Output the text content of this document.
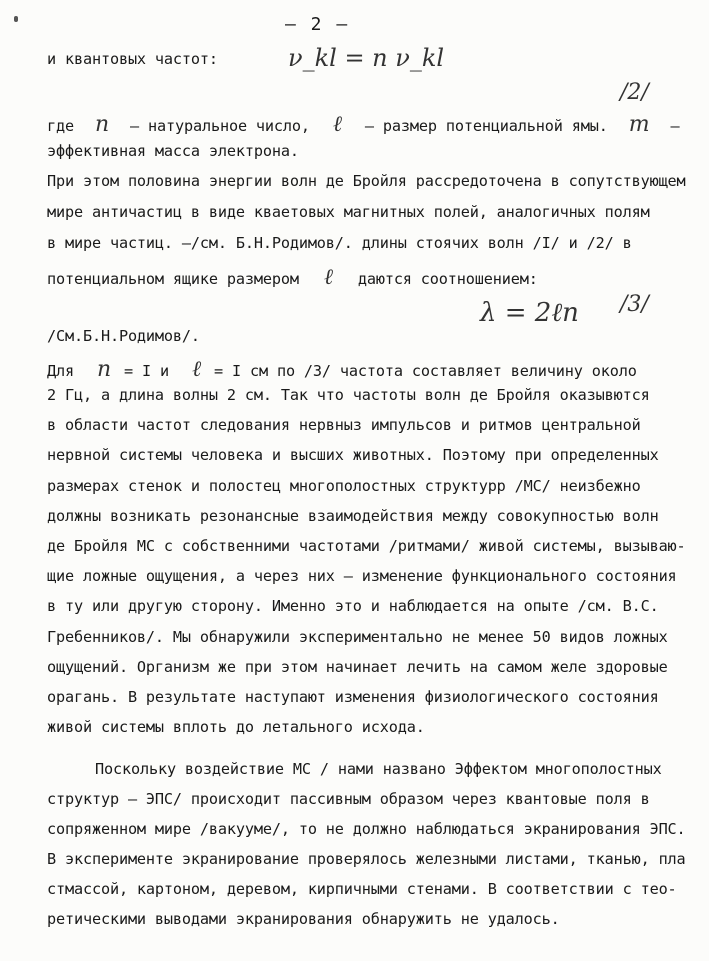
– 2 –
и квантовых частот:	ν_kl = n ν_kl
/2/
где n – натуральное число, ℓ – размер потенциальной ямы. m –
эффективная масса электрона.
При этом половина энергии волн де Бройля рассредоточена в сопутствующем
мире античастиц в виде кваетовых магнитных полей, аналогичных полям
в мире частиц. –/см. Б.Н.Родимов/. длины стоячих волн /I/ и /2/ в
потенциальном ящике размером ℓ даются соотношением:
λ = 2ℓn /3/
/См.Б.Н.Родимов/.
Для n = I и ℓ = I см по /3/ частота составляет величину около
2 Гц, а длина волны 2 см. Так что частоты волн де Бройля оказывются
в области частот следования нервныз импульсов и ритмов центральной
нервной системы человека и высших животных. Поэтому при определенных
размерах стенок и полостец многополостных структурр /МС/ неизбежно
должны возникать резонансные взаимодействия между совокупностью волн
де Бройля МС с собственними частотами /ритмами/ живой системы, вызываю-
щие ложные ощущения, а через них – изменение функционального состояния
в ту или другую сторону. Именно это и наблюдается на опыте /см. В.С.
Гребенников/. Мы обнаружили экспериментально не менее 50 видов ложных
ощущений. Организм же при этом начинает лечить на самом желе здоровые
орагань. В результате наступают изменения физиологического состояния
живой системы вплоть до летального исхода.
Поскольку воздействие МС / нами названо Эффектом многополостных
структур – ЭПС/ происходит пассивным образом через квантовые поля в
сопряженном мире /вакууме/, то не должно наблюдаться экранирования ЭПС.
В эксперименте экранирование проверялось железными листами, тканью, пла
стмассой, картоном, деревом, кирпичными стенами. В соответствии с тео-
ретическими выводами экранирования обнаружить не удалось.
